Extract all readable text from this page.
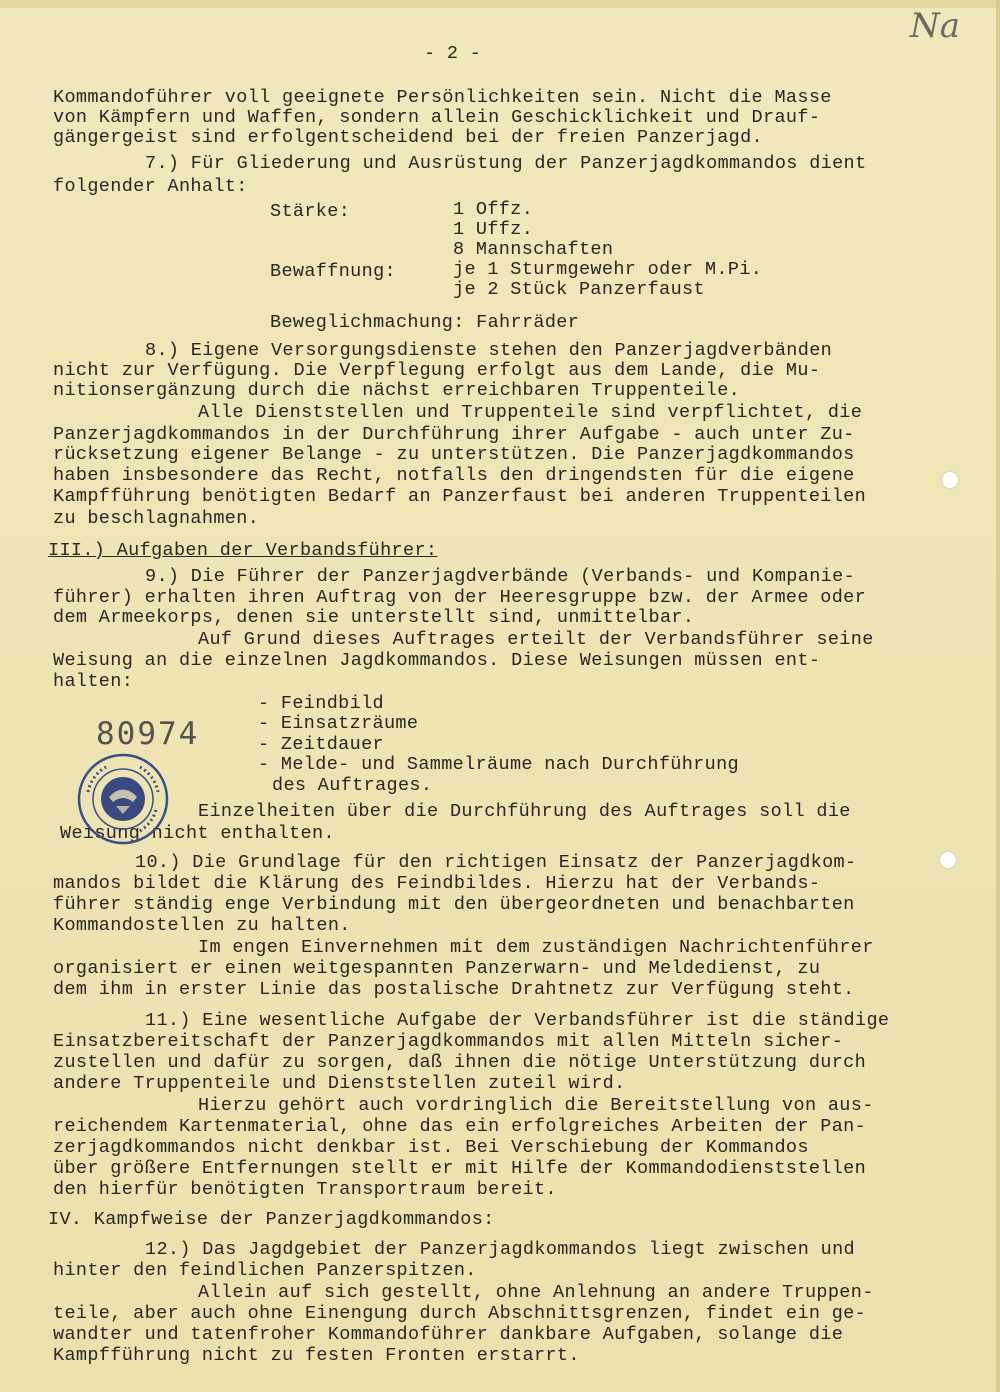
- 2 -
Na
Kommandoführer voll geeignete Persönlichkeiten sein. Nicht die Masse
von Kämpfern und Waffen, sondern allein Geschicklichkeit und Drauf-
gängergeist sind erfolgentscheidend bei der freien Panzerjagd.
7.) Für Gliederung und Ausrüstung der Panzerjagdkommandos dient
folgender Anhalt:
Stärke:	1 Offz.
1 Uffz.
8 Mannschaften
Bewaffnung:	je 1 Sturmgewehr oder M.Pi.
je 2 Stück Panzerfaust
Beweglichmachung: Fahrräder
8.) Eigene Versorgungsdienste stehen den Panzerjagdverbänden
nicht zur Verfügung. Die Verpflegung erfolgt aus dem Lande, die Mu-
nitionsergänzung durch die nächst erreichbaren Truppenteile.
Alle Dienststellen und Truppenteile sind verpflichtet, die
Panzerjagdkommandos in der Durchführung ihrer Aufgabe - auch unter Zu-
rücksetzung eigener Belange - zu unterstützen. Die Panzerjagdkommandos
haben insbesondere das Recht, notfalls den dringendsten für die eigene
Kampfführung benötigten Bedarf an Panzerfaust bei anderen Truppenteilen
zu beschlagnahmen.
III.) Aufgaben der Verbandsführer:
9.) Die Führer der Panzerjagdverbände (Verbands- und Kompanie-
führer) erhalten ihren Auftrag von der Heeresgruppe bzw. der Armee oder
dem Armeekorps, denen sie unterstellt sind, unmittelbar.
Auf Grund dieses Auftrages erteilt der Verbandsführer seine
Weisung an die einzelnen Jagdkommandos. Diese Weisungen müssen ent-
halten:
- Feindbild
- Einsatzräume
- Zeitdauer
- Melde- und Sammelräume nach Durchführung
des Auftrages.
Einzelheiten über die Durchführung des Auftrages soll die
Weisung nicht enthalten.
10.) Die Grundlage für den richtigen Einsatz der Panzerjagdkom-
mandos bildet die Klärung des Feindbildes. Hierzu hat der Verbands-
führer ständig enge Verbindung mit den übergeordneten und benachbarten
Kommandostellen zu halten.
Im engen Einvernehmen mit dem zuständigen Nachrichtenführer
organisiert er einen weitgespannten Panzerwarn- und Meldedienst, zu
dem ihm in erster Linie das postalische Drahtnetz zur Verfügung steht.
11.) Eine wesentliche Aufgabe der Verbandsführer ist die ständige
Einsatzbereitschaft der Panzerjagdkommandos mit allen Mitteln sicher-
zustellen und dafür zu sorgen, daß ihnen die nötige Unterstützung durch
andere Truppenteile und Dienststellen zuteil wird.
Hierzu gehört auch vordringlich die Bereitstellung von aus-
reichendem Kartenmaterial, ohne das ein erfolgreiches Arbeiten der Pan-
zerjagdkommandos nicht denkbar ist. Bei Verschiebung der Kommandos
über größere Entfernungen stellt er mit Hilfe der Kommandodienststellen
den hierfür benötigten Transportraum bereit.
IV. Kampfweise der Panzerjagdkommandos:
12.) Das Jagdgebiet der Panzerjagdkommandos liegt zwischen und
hinter den feindlichen Panzerspitzen.
Allein auf sich gestellt, ohne Anlehnung an andere Truppen-
teile, aber auch ohne Einengung durch Abschnittsgrenzen, findet ein ge-
wandter und tatenfroher Kommandoführer dankbare Aufgaben, solange die
Kampfführung nicht zu festen Fronten erstarrt.
80974
